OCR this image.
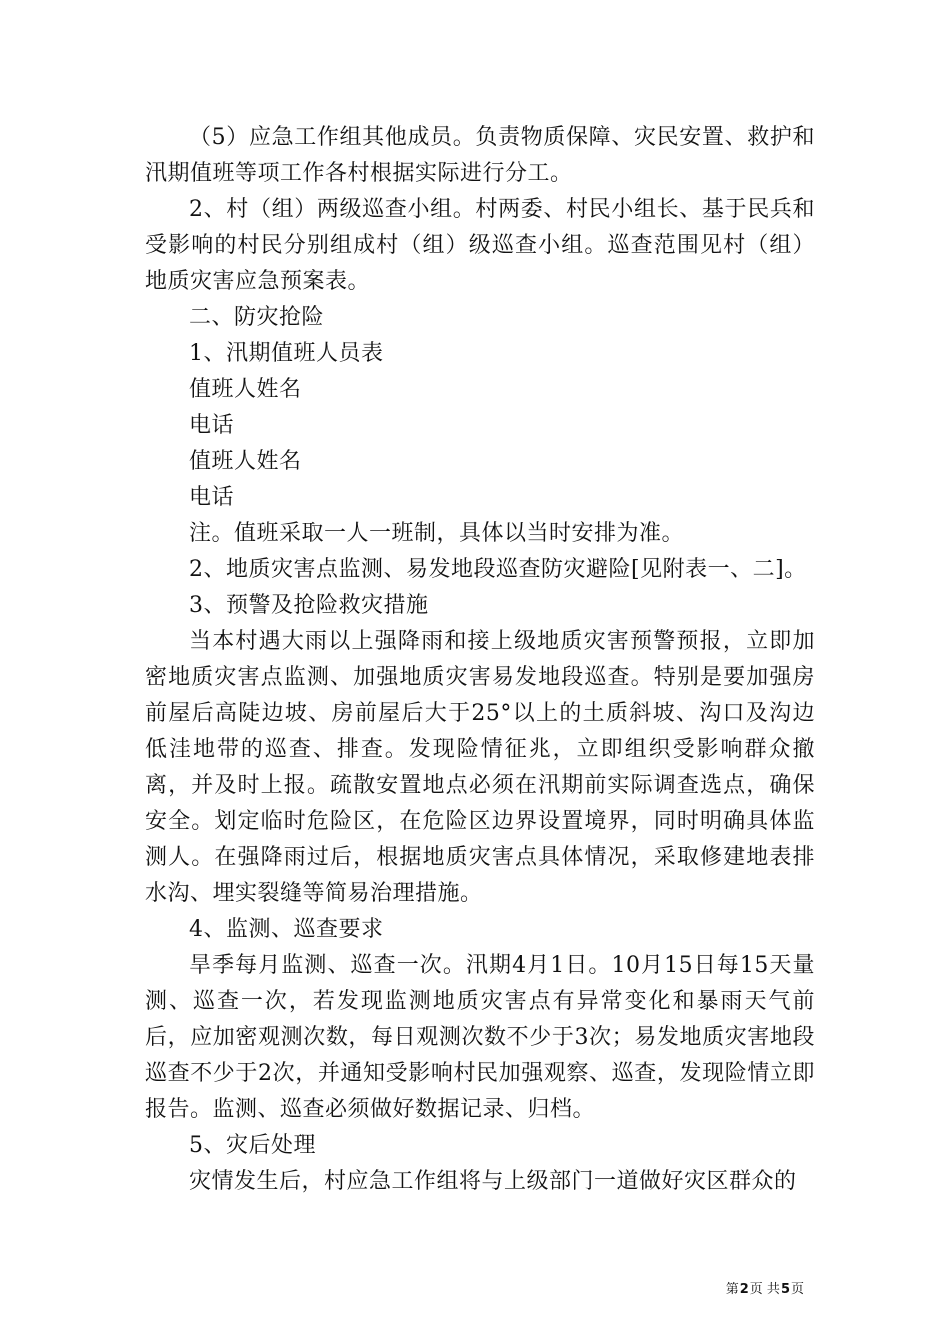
（5）应急工作组其他成员。负责物质保障、灾民安置、救护和汛期值班等项工作各村根据实际进行分工。

2、村（组）两级巡查小组。村两委、村民小组长、基于民兵和受影响的村民分别组成村（组）级巡查小组。巡查范围见村（组）地质灾害应急预案表。

二、防灾抢险

1、汛期值班人员表

值班人姓名

电话

值班人姓名

电话

注。值班采取一人一班制，具体以当时安排为准。

2、地质灾害点监测、易发地段巡查防灾避险[见附表一、二]。

3、预警及抢险救灾措施

当本村遇大雨以上强降雨和接上级地质灾害预警预报，立即加密地质灾害点监测、加强地质灾害易发地段巡查。特别是要加强房前屋后高陡边坡、房前屋后大于25°以上的土质斜坡、沟口及沟边低洼地带的巡查、排查。发现险情征兆，立即组织受影响群众撤离，并及时上报。疏散安置地点必须在汛期前实际调查选点，确保安全。划定临时危险区，在危险区边界设置境界，同时明确具体监测人。在强降雨过后，根据地质灾害点具体情况，采取修建地表排水沟、埋实裂缝等简易治理措施。

4、监测、巡查要求

旱季每月监测、巡查一次。汛期4月1日。10月15日每15天量测、巡查一次，若发现监测地质灾害点有异常变化和暴雨天气前后，应加密观测次数，每日观测次数不少于3次；易发地质灾害地段巡查不少于2次，并通知受影响村民加强观察、巡查，发现险情立即报告。监测、巡查必须做好数据记录、归档。

5、灾后处理

灾情发生后，村应急工作组将与上级部门一道做好灾区群众的

第2页 共5页
